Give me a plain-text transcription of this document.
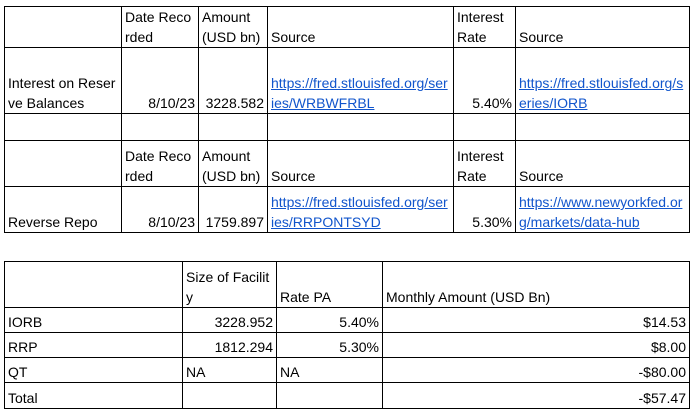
	Date Recorded	Amount (USD bn)	Source	Interest Rate	Source
Interest on Reserve Balances	8/10/23	3228.582	https://fred.stlouisfed.org/series/WRBWFRBL	5.40%	https://fred.stlouisfed.org/series/IORB

	Date Recorded	Amount (USD bn)	Source	Interest Rate	Source
Reverse Repo	8/10/23	1759.897	https://fred.stlouisfed.org/series/RRPONTSYD	5.30%	https://www.newyorkfed.org/markets/data-hub
	Size of Facility	Rate PA	Monthly Amount (USD Bn)
IORB	3228.952	5.40%	$14.53
RRP	1812.294	5.30%	$8.00
QT	NA	NA	-$80.00
Total			-$57.47
